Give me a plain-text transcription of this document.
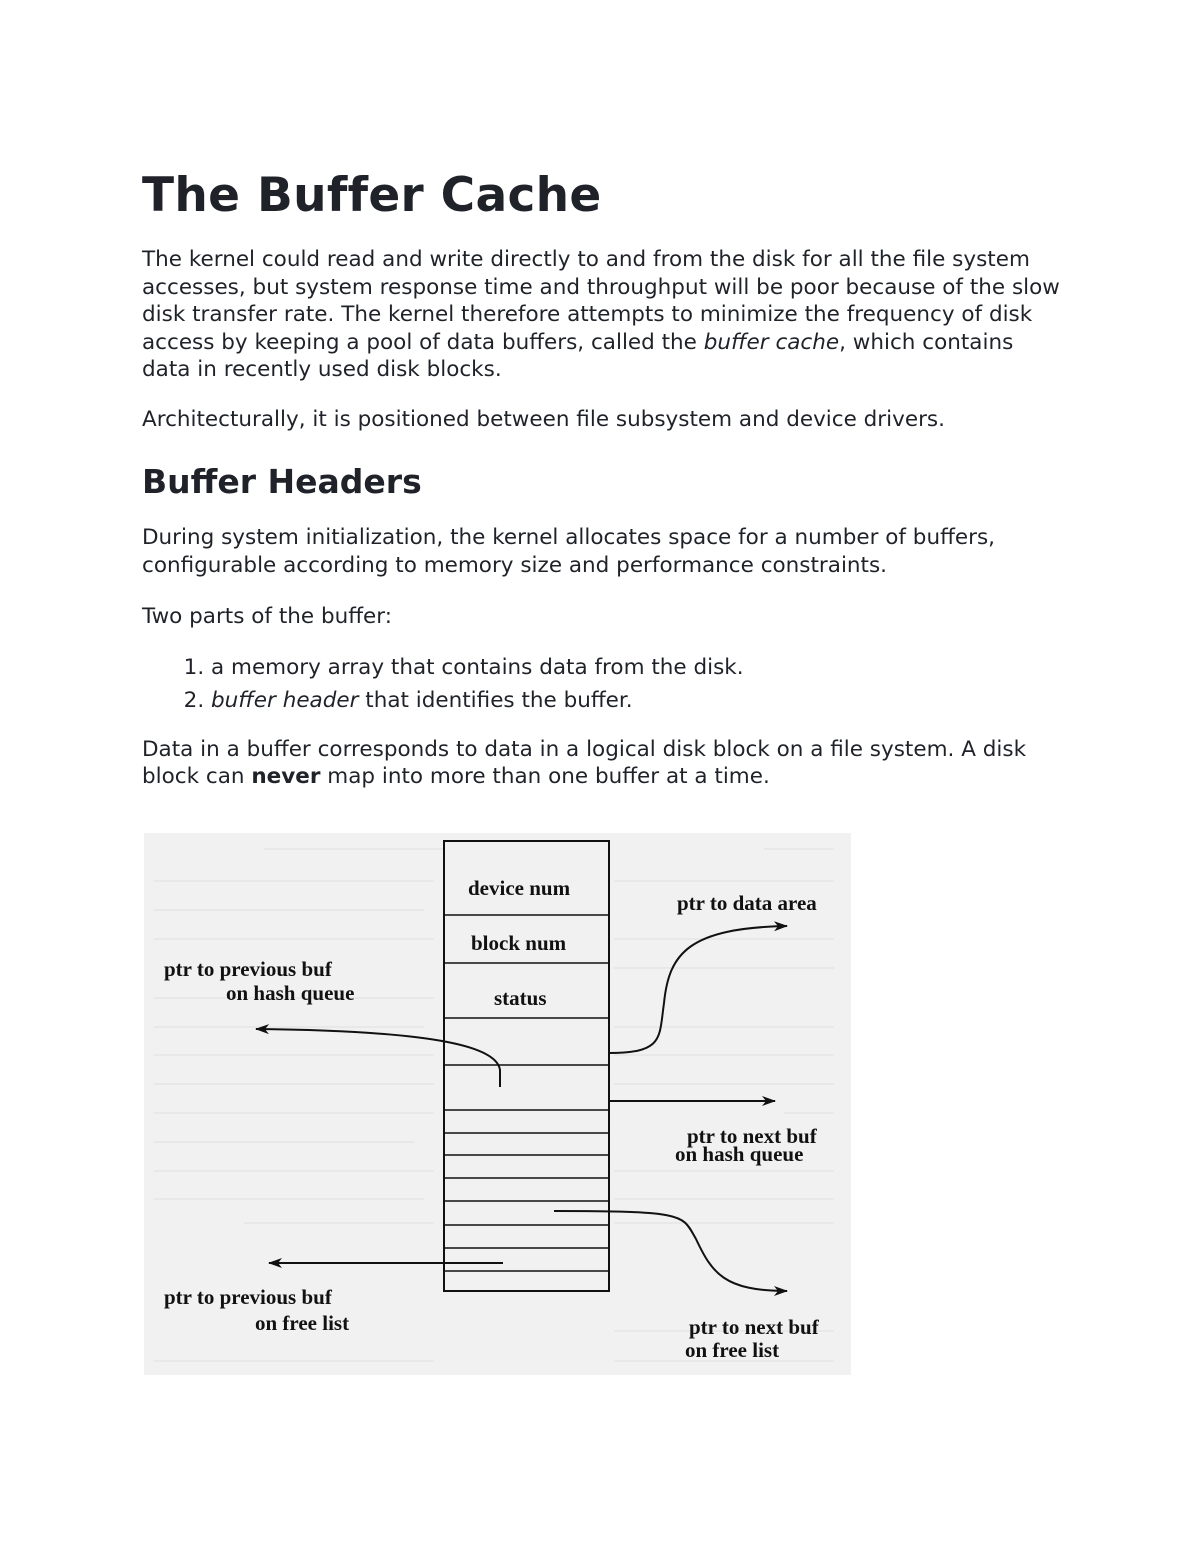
The Buffer Cache

The kernel could read and write directly to and from the disk for all the file system accesses, but system response time and throughput will be poor because of the slow disk transfer rate. The kernel therefore attempts to minimize the frequency of disk access by keeping a pool of data buffers, called the buffer cache, which contains data in recently used disk blocks.

Architecturally, it is positioned between file subsystem and device drivers.

Buffer Headers

During system initialization, the kernel allocates space for a number of buffers, configurable according to memory size and performance constraints.

Two parts of the buffer:

1. a memory array that contains data from the disk.
2. buffer header that identifies the buffer.

Data in a buffer corresponds to data in a logical disk block on a file system. A disk block can never map into more than one buffer at a time.

device num
block num
status
ptr to data area
ptr to previous buf
on hash queue
ptr to next buf
on hash queue
ptr to previous buf
on free list	ptr to next buf
on free list
